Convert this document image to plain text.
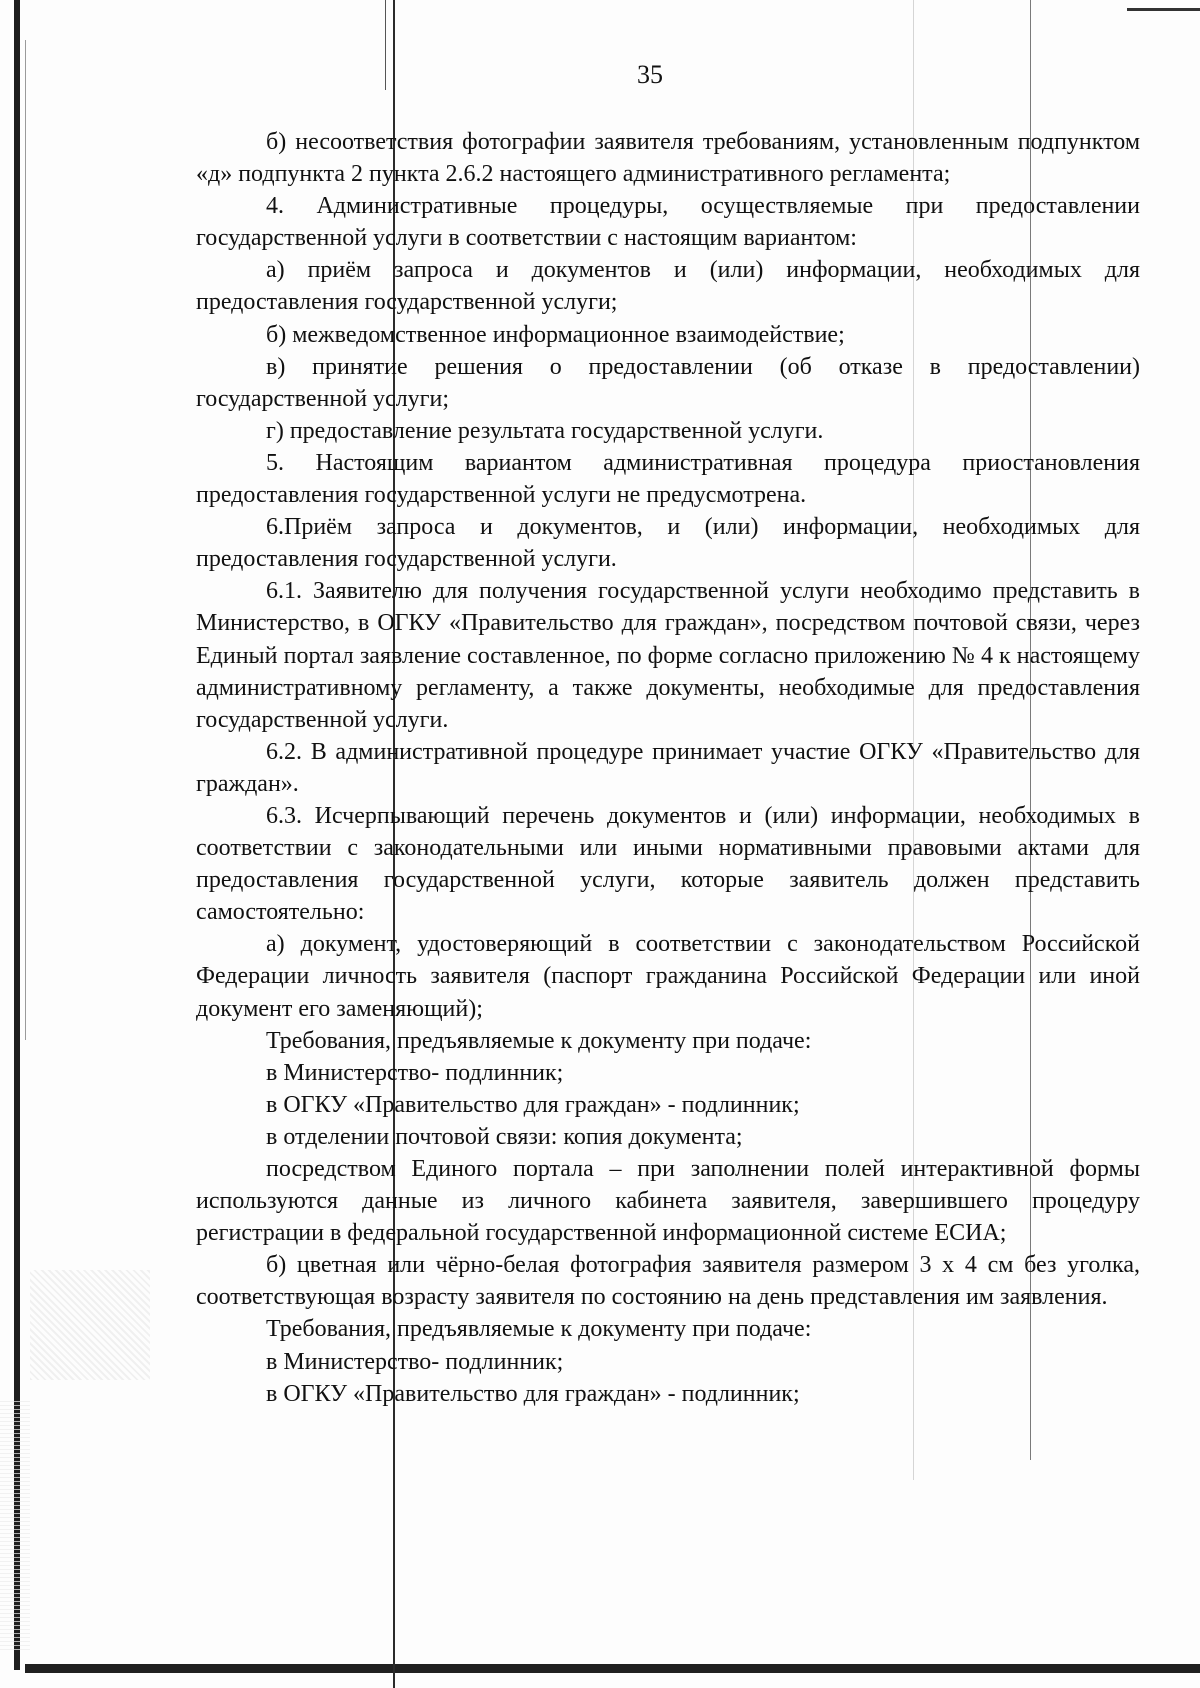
35

б) несоответствия фотографии заявителя требованиям, установленным подпунктом «д» подпункта 2 пункта 2.6.2 настоящего административного регламента;

4. Административные процедуры, осуществляемые при предоставлении государственной услуги в соответствии с настоящим вариантом:

а) приём запроса и документов и (или) информации, необходимых для предоставления государственной услуги;

б) межведомственное информационное взаимодействие;

в) принятие решения о предоставлении (об отказе в предоставлении) государственной услуги;

г) предоставление результата государственной услуги.

5. Настоящим вариантом административная процедура приостановления предоставления государственной услуги не предусмотрена.

6.Приём запроса и документов, и (или) информации, необходимых для предоставления государственной услуги.

6.1. Заявителю для получения государственной услуги необходимо представить в Министерство, в ОГКУ «Правительство для граждан», посредством почтовой связи, через Единый портал заявление составленное, по форме согласно приложению № 4 к настоящему административному регламенту, а также документы, необходимые для предоставления государственной услуги.

6.2. В административной процедуре принимает участие ОГКУ «Правительство для граждан».

6.3. Исчерпывающий перечень документов и (или) информации, необходимых в соответствии с законодательными или иными нормативными правовыми актами для предоставления государственной услуги, которые заявитель должен представить самостоятельно:

а) документ, удостоверяющий в соответствии с законодательством Российской Федерации личность заявителя (паспорт гражданина Российской Федерации или иной документ его заменяющий);

Требования, предъявляемые к документу при подаче:

в Министерство- подлинник;

в ОГКУ «Правительство для граждан» - подлинник;

в отделении почтовой связи: копия документа;

посредством Единого портала – при заполнении полей интерактивной формы используются данные из личного кабинета заявителя, завершившего процедуру регистрации в федеральной государственной информационной системе ЕСИА;

б) цветная или чёрно-белая фотография заявителя размером 3 х 4 см без уголка, соответствующая возрасту заявителя по состоянию на день представления им заявления.

Требования, предъявляемые к документу при подаче:

в Министерство- подлинник;

в ОГКУ «Правительство для граждан» - подлинник;
